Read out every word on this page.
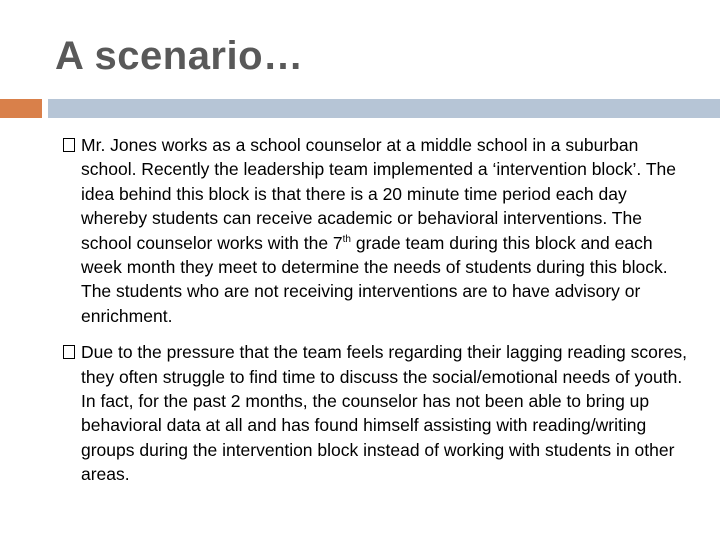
A scenario…

Mr. Jones works as a school counselor at a middle school in a suburban school. Recently the leadership team implemented a ‘intervention block’. The idea behind this block is that there is a 20 minute time period each day whereby students can receive academic or behavioral interventions. The school counselor works with the 7th grade team during this block and each week month they meet to determine the needs of students during this block. The students who are not receiving interventions are to have advisory or enrichment.

Due to the pressure that the team feels regarding their lagging reading scores, they often struggle to find time to discuss the social/emotional needs of youth. In fact, for the past 2 months, the counselor has not been able to bring up behavioral data at all and has found himself assisting with reading/writing groups during the intervention block instead of working with students in other areas.
